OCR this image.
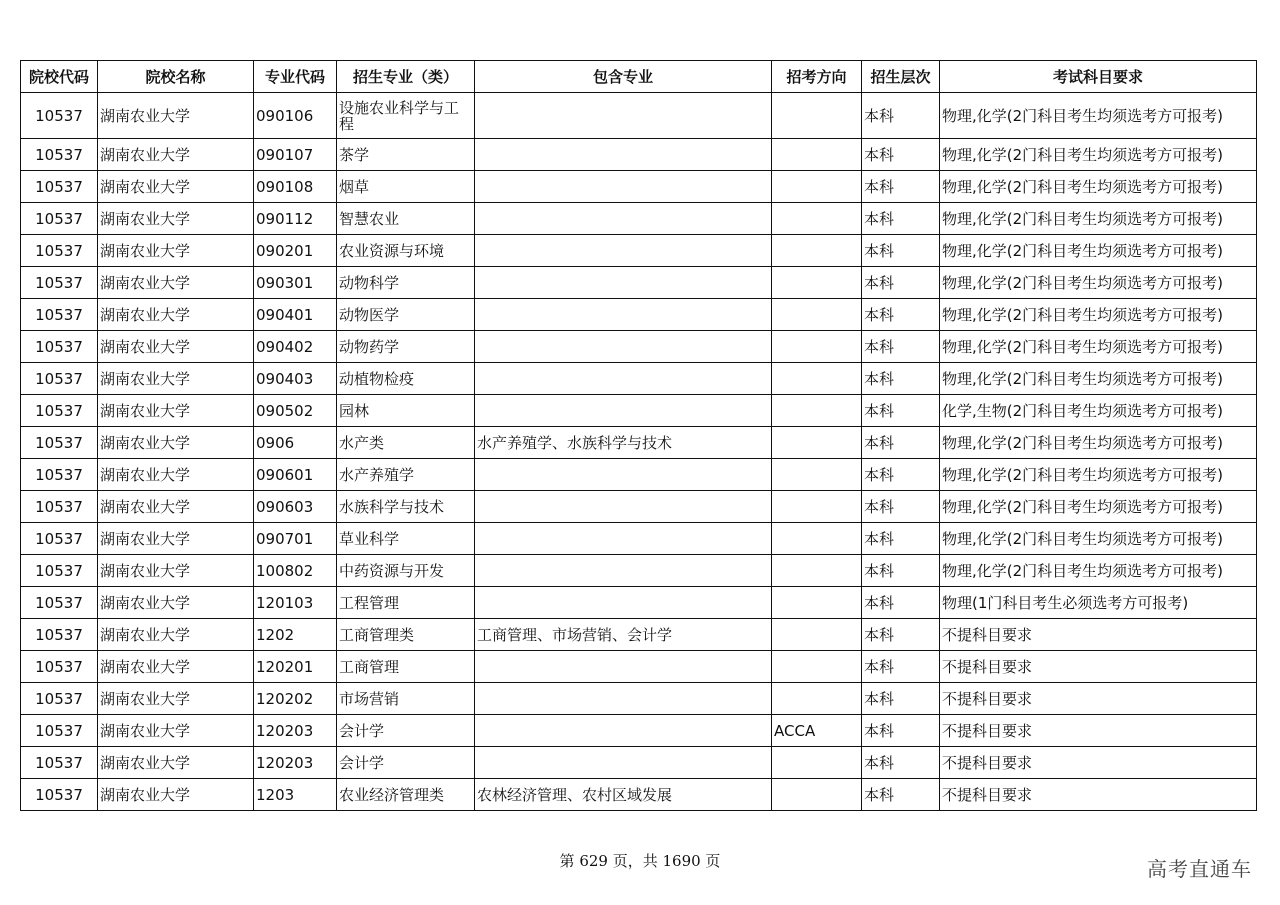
院校代码	院校名称	专业代码	招生专业（类）	包含专业	招考方向	招生层次	考试科目要求
10537	湖南农业大学	090106	设施农业科学与工程			本科	物理,化学(2门科目考生均须选考方可报考)
10537	湖南农业大学	090107	茶学			本科	物理,化学(2门科目考生均须选考方可报考)
10537	湖南农业大学	090108	烟草			本科	物理,化学(2门科目考生均须选考方可报考)
10537	湖南农业大学	090112	智慧农业			本科	物理,化学(2门科目考生均须选考方可报考)
10537	湖南农业大学	090201	农业资源与环境			本科	物理,化学(2门科目考生均须选考方可报考)
10537	湖南农业大学	090301	动物科学			本科	物理,化学(2门科目考生均须选考方可报考)
10537	湖南农业大学	090401	动物医学			本科	物理,化学(2门科目考生均须选考方可报考)
10537	湖南农业大学	090402	动物药学			本科	物理,化学(2门科目考生均须选考方可报考)
10537	湖南农业大学	090403	动植物检疫			本科	物理,化学(2门科目考生均须选考方可报考)
10537	湖南农业大学	090502	园林			本科	化学,生物(2门科目考生均须选考方可报考)
10537	湖南农业大学	0906	水产类	水产养殖学、水族科学与技术		本科	物理,化学(2门科目考生均须选考方可报考)
10537	湖南农业大学	090601	水产养殖学			本科	物理,化学(2门科目考生均须选考方可报考)
10537	湖南农业大学	090603	水族科学与技术			本科	物理,化学(2门科目考生均须选考方可报考)
10537	湖南农业大学	090701	草业科学			本科	物理,化学(2门科目考生均须选考方可报考)
10537	湖南农业大学	100802	中药资源与开发			本科	物理,化学(2门科目考生均须选考方可报考)
10537	湖南农业大学	120103	工程管理			本科	物理(1门科目考生必须选考方可报考)
10537	湖南农业大学	1202	工商管理类	工商管理、市场营销、会计学		本科	不提科目要求
10537	湖南农业大学	120201	工商管理			本科	不提科目要求
10537	湖南农业大学	120202	市场营销			本科	不提科目要求
10537	湖南农业大学	120203	会计学		ACCA	本科	不提科目要求
10537	湖南农业大学	120203	会计学			本科	不提科目要求
10537	湖南农业大学	1203	农业经济管理类	农林经济管理、农村区域发展		本科	不提科目要求
第 629 页，共 1690 页	高考直通车
